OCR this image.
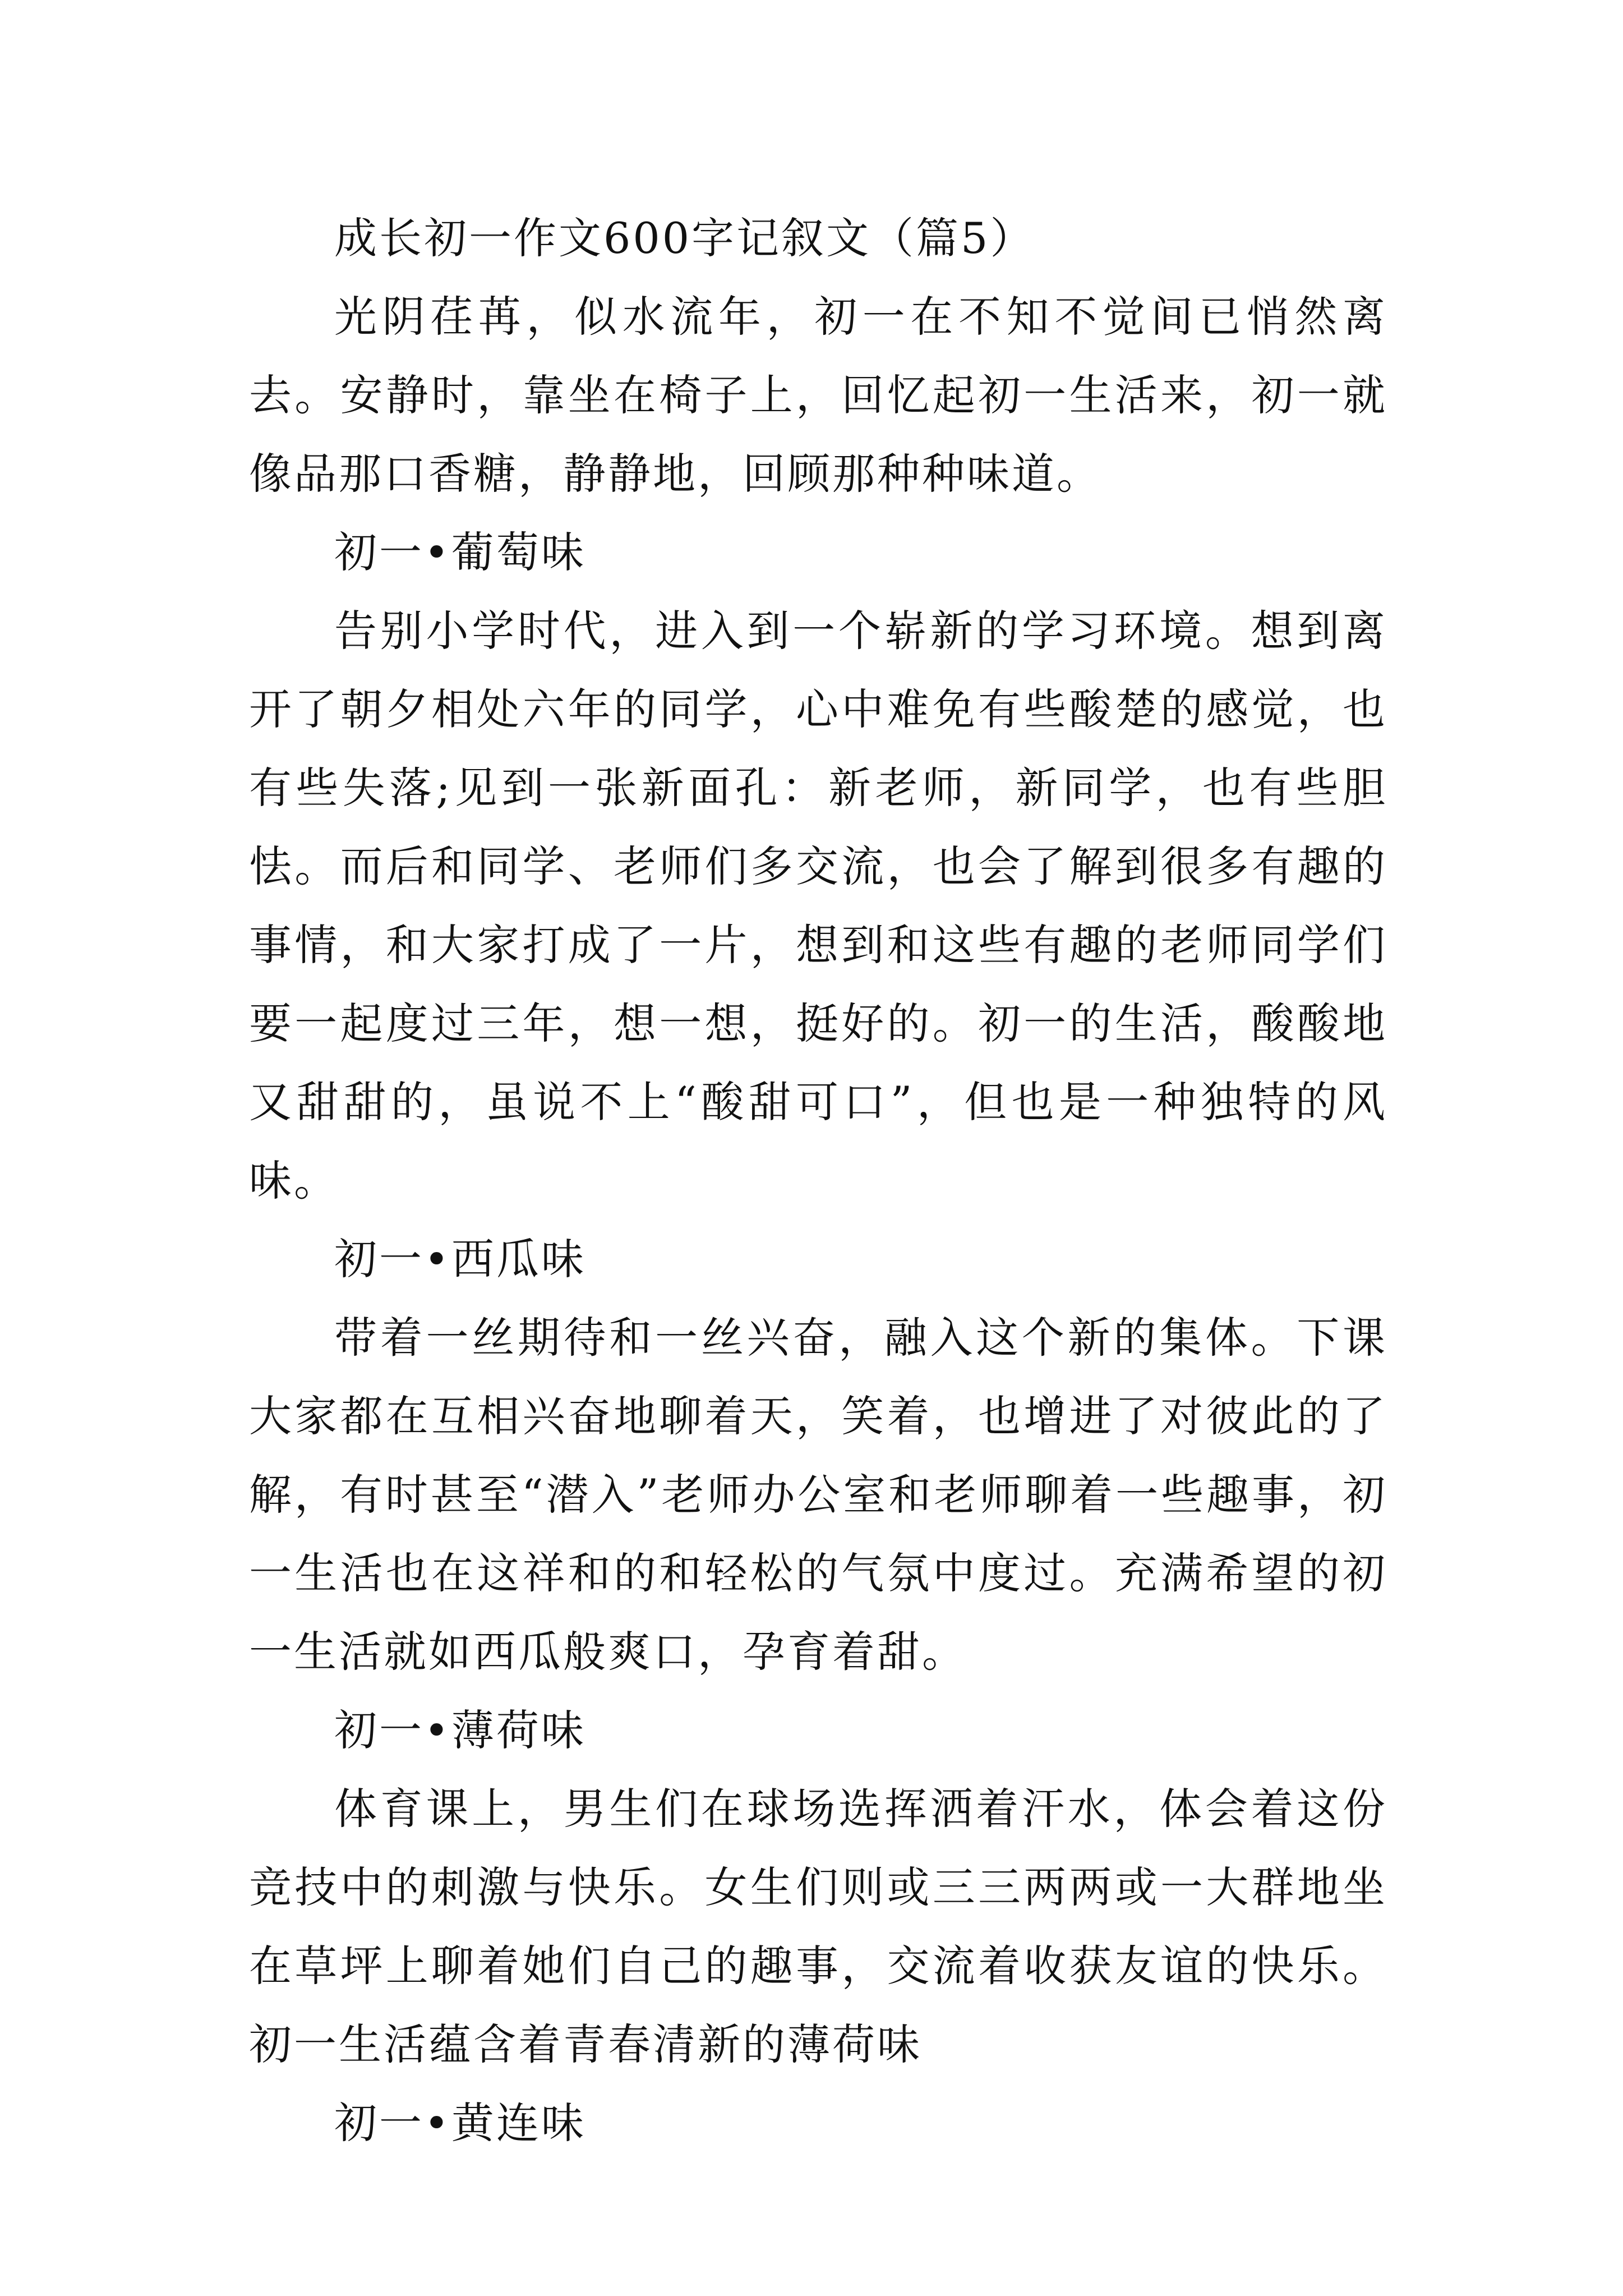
成长初一作文600字记叙文（篇5）

光阴荏苒，似水流年，初一在不知不觉间已悄然离去。安静时，靠坐在椅子上，回忆起初一生活来，初一就像品那口香糖，静静地，回顾那种种味道。

初一•葡萄味

告别小学时代，进入到一个崭新的学习环境。想到离开了朝夕相处六年的同学，心中难免有些酸楚的感觉，也有些失落;见到一张新面孔：新老师，新同学，也有些胆怯。而后和同学、老师们多交流，也会了解到很多有趣的事情，和大家打成了一片，想到和这些有趣的老师同学们要一起度过三年，想一想，挺好的。初一的生活，酸酸地又甜甜的，虽说不上“酸甜可口”，但也是一种独特的风味。

初一•西瓜味

带着一丝期待和一丝兴奋，融入这个新的集体。下课大家都在互相兴奋地聊着天，笑着，也增进了对彼此的了解，有时甚至“潜入”老师办公室和老师聊着一些趣事，初一生活也在这祥和的和轻松的气氛中度过。充满希望的初一生活就如西瓜般爽口，孕育着甜。

初一•薄荷味

体育课上，男生们在球场选挥洒着汗水，体会着这份竞技中的刺激与快乐。女生们则或三三两两或一大群地坐在草坪上聊着她们自己的趣事，交流着收获友谊的快乐。初一生活蕴含着青春清新的薄荷味

初一•黄连味
